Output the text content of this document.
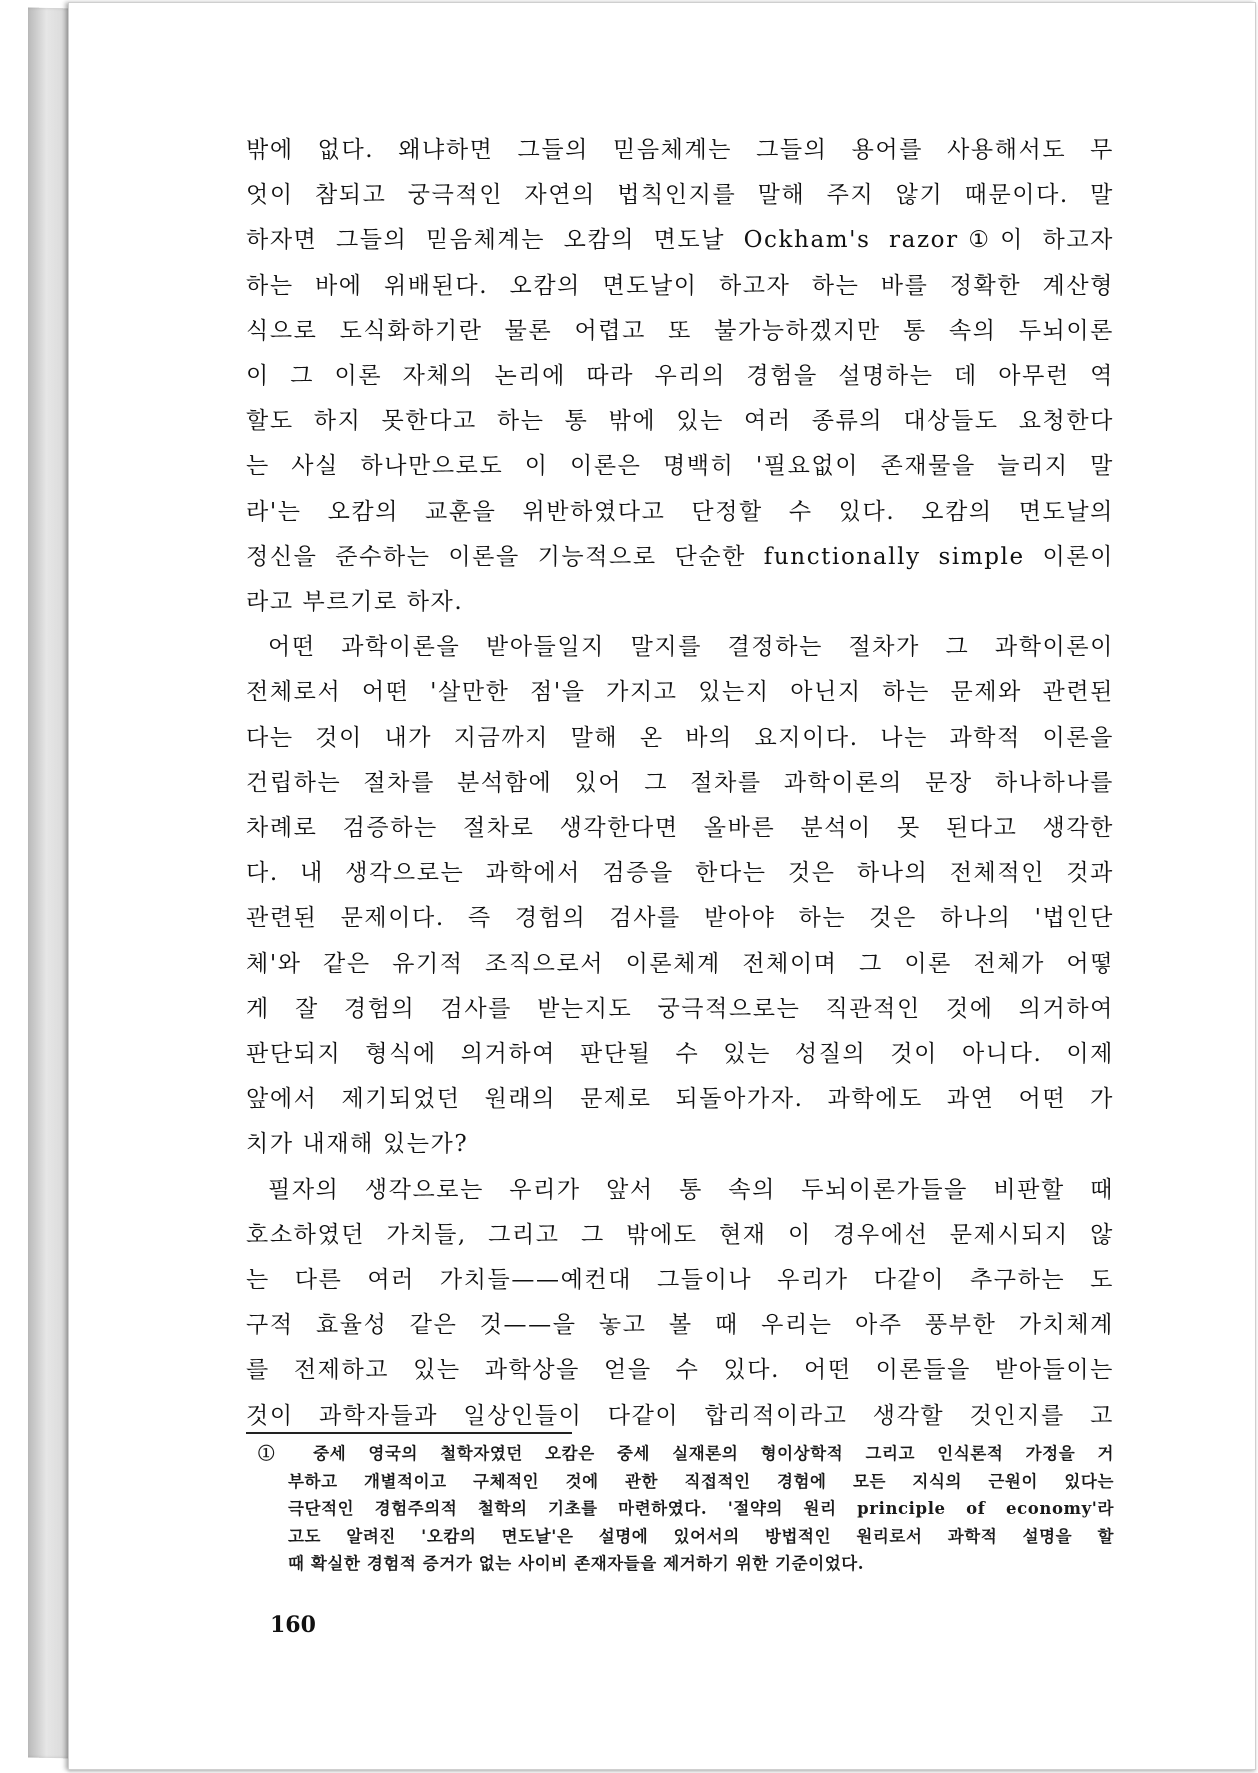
밖에 없다. 왜냐하면 그들의 믿음체계는 그들의 용어를 사용해서도 무
엇이 참되고 궁극적인 자연의 법칙인지를 말해 주지 않기 때문이다. 말
하자면 그들의 믿음체계는 오캄의 면도날 Ockham's razor①이 하고자
하는 바에 위배된다. 오캄의 면도날이 하고자 하는 바를 정확한 계산형
식으로 도식화하기란 물론 어렵고 또 불가능하겠지만 통 속의 두뇌이론
이 그 이론 자체의 논리에 따라 우리의 경험을 설명하는 데 아무런 역
할도 하지 못한다고 하는 통 밖에 있는 여러 종류의 대상들도 요청한다
는 사실 하나만으로도 이 이론은 명백히 '필요없이 존재물을 늘리지 말
라'는 오캄의 교훈을 위반하였다고 단정할 수 있다. 오캄의 면도날의
정신을 준수하는 이론을 기능적으로 단순한 functionally simple 이론이
라고 부르기로 하자.

어떤 과학이론을 받아들일지 말지를 결정하는 절차가 그 과학이론이
전체로서 어떤 '살만한 점'을 가지고 있는지 아닌지 하는 문제와 관련된
다는 것이 내가 지금까지 말해 온 바의 요지이다. 나는 과학적 이론을
건립하는 절차를 분석함에 있어 그 절차를 과학이론의 문장 하나하나를
차례로 검증하는 절차로 생각한다면 올바른 분석이 못 된다고 생각한
다. 내 생각으로는 과학에서 검증을 한다는 것은 하나의 전체적인 것과
관련된 문제이다. 즉 경험의 검사를 받아야 하는 것은 하나의 '법인단
체'와 같은 유기적 조직으로서 이론체계 전체이며 그 이론 전체가 어떻
게 잘 경험의 검사를 받는지도 궁극적으로는 직관적인 것에 의거하여
판단되지 형식에 의거하여 판단될 수 있는 성질의 것이 아니다. 이제
앞에서 제기되었던 원래의 문제로 되돌아가자. 과학에도 과연 어떤 가
치가 내재해 있는가?

필자의 생각으로는 우리가 앞서 통 속의 두뇌이론가들을 비판할 때
호소하였던 가치들, 그리고 그 밖에도 현재 이 경우에선 문제시되지 않
는 다른 여러 가치들——예컨대 그들이나 우리가 다같이 추구하는 도
구적 효율성 같은 것——을 놓고 볼 때 우리는 아주 풍부한 가치체계
를 전제하고 있는 과학상을 얻을 수 있다. 어떤 이론들을 받아들이는
것이 과학자들과 일상인들이 다같이 합리적이라고 생각할 것인지를 고

① 중세 영국의 철학자였던 오캄은 중세 실재론의 형이상학적 그리고 인식론적 가정을 거
부하고 개별적이고 구체적인 것에 관한 직접적인 경험에 모든 지식의 근원이 있다는
극단적인 경험주의적 철학의 기초를 마련하였다. '절약의 원리 principle of economy'라
고도 알려진 '오캄의 면도날'은 설명에 있어서의 방법적인 원리로서 과학적 설명을 할
때 확실한 경험적 증거가 없는 사이비 존재자들을 제거하기 위한 기준이었다.
160
